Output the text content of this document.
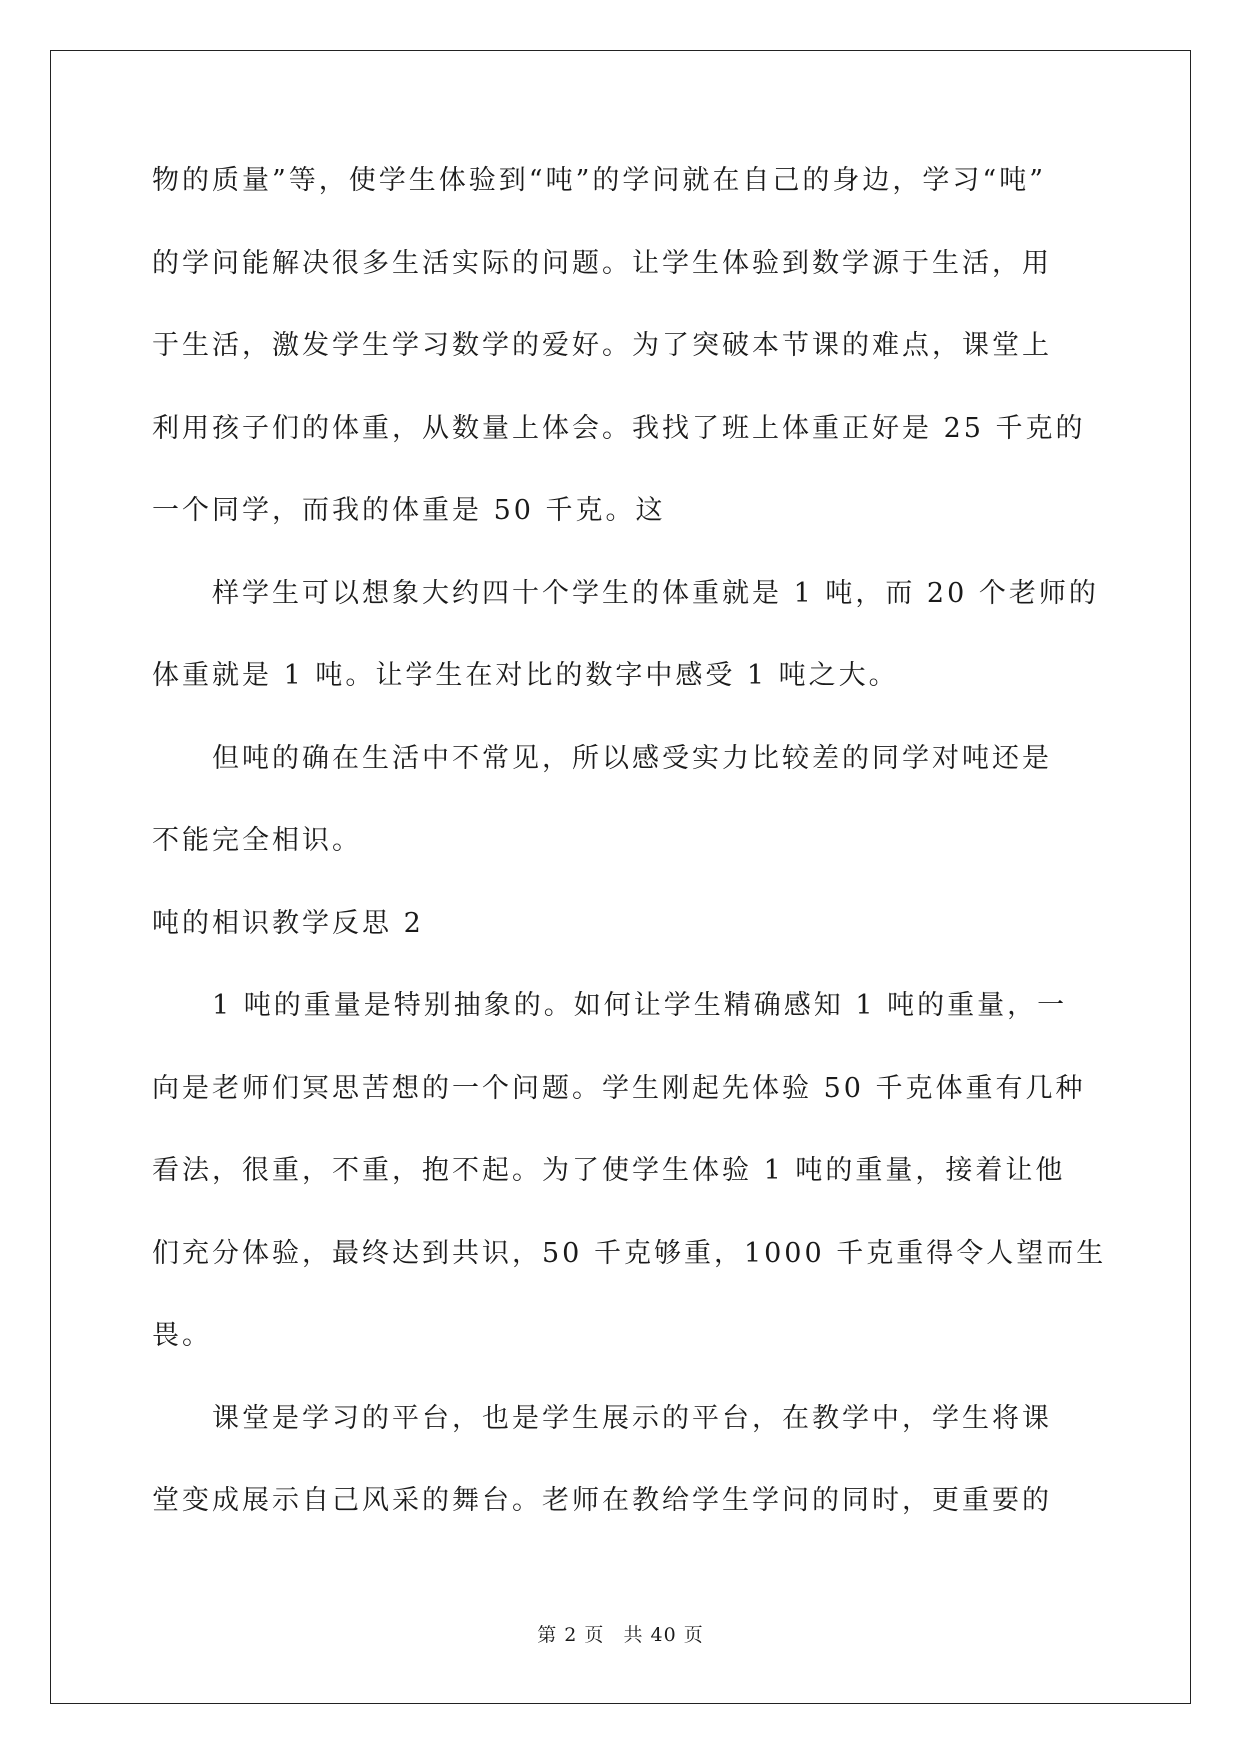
物的质量”等，使学生体验到“吨”的学问就在自己的身边，学习“吨”
的学问能解决很多生活实际的问题。让学生体验到数学源于生活，用
于生活，激发学生学习数学的爱好。为了突破本节课的难点，课堂上
利用孩子们的体重，从数量上体会。我找了班上体重正好是 25 千克的
一个同学，而我的体重是 50 千克。这
　　样学生可以想象大约四十个学生的体重就是 1 吨，而 20 个老师的
体重就是 1 吨。让学生在对比的数字中感受 1 吨之大。
　　但吨的确在生活中不常见，所以感受实力比较差的同学对吨还是
不能完全相识。
吨的相识教学反思 2
　　1 吨的重量是特别抽象的。如何让学生精确感知 1 吨的重量，一
向是老师们冥思苦想的一个问题。学生刚起先体验 50 千克体重有几种
看法，很重，不重，抱不起。为了使学生体验 1 吨的重量，接着让他
们充分体验，最终达到共识，50 千克够重，1000 千克重得令人望而生
畏。
　　课堂是学习的平台，也是学生展示的平台，在教学中，学生将课
堂变成展示自己风采的舞台。老师在教给学生学问的同时，更重要的
第 2 页 共 40 页
